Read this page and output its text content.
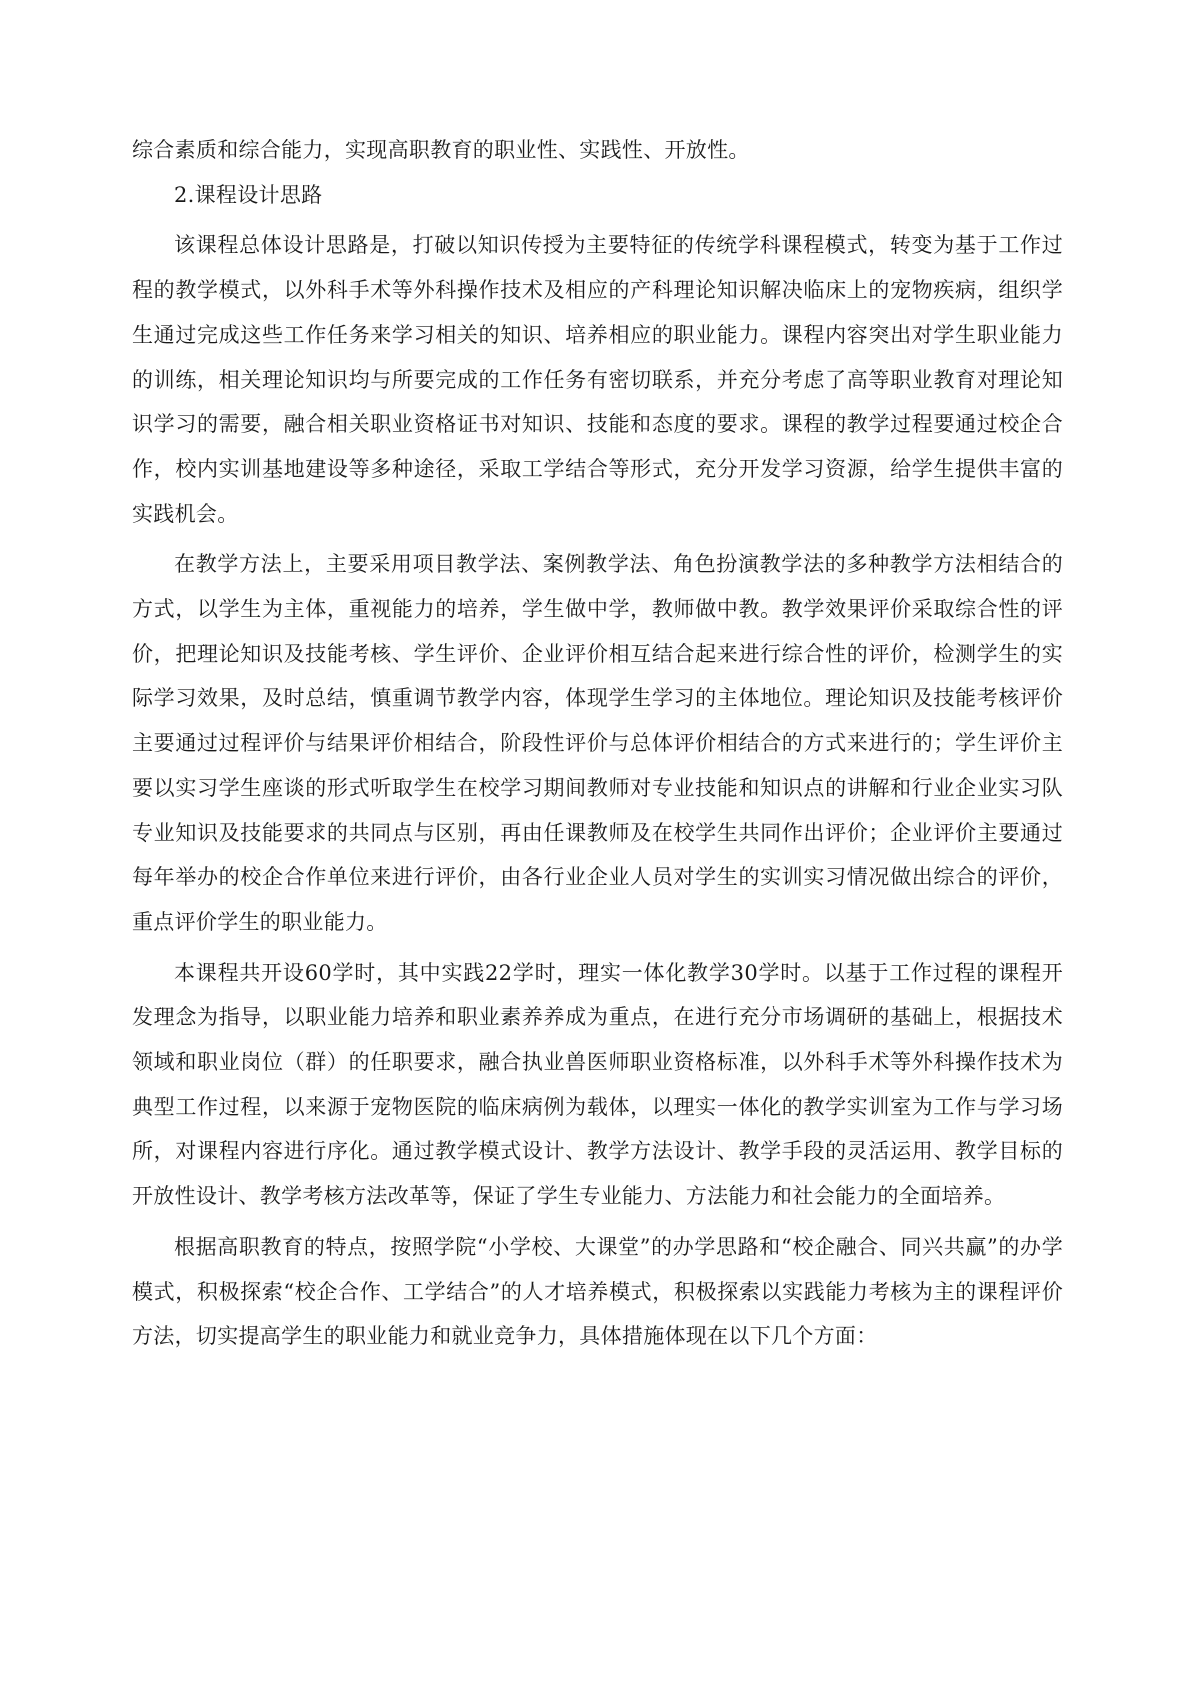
综合素质和综合能力，实现高职教育的职业性、实践性、开放性。

2.课程设计思路

该课程总体设计思路是，打破以知识传授为主要特征的传统学科课程模式，转变为基于工作过程的教学模式，以外科手术等外科操作技术及相应的产科理论知识解决临床上的宠物疾病，组织学生通过完成这些工作任务来学习相关的知识、培养相应的职业能力。课程内容突出对学生职业能力的训练，相关理论知识均与所要完成的工作任务有密切联系，并充分考虑了高等职业教育对理论知识学习的需要，融合相关职业资格证书对知识、技能和态度的要求。课程的教学过程要通过校企合作，校内实训基地建设等多种途径，采取工学结合等形式，充分开发学习资源，给学生提供丰富的实践机会。

在教学方法上，主要采用项目教学法、案例教学法、角色扮演教学法的多种教学方法相结合的方式，以学生为主体，重视能力的培养，学生做中学，教师做中教。教学效果评价采取综合性的评价，把理论知识及技能考核、学生评价、企业评价相互结合起来进行综合性的评价，检测学生的实际学习效果，及时总结，慎重调节教学内容，体现学生学习的主体地位。理论知识及技能考核评价主要通过过程评价与结果评价相结合，阶段性评价与总体评价相结合的方式来进行的；学生评价主要以实习学生座谈的形式听取学生在校学习期间教师对专业技能和知识点的讲解和行业企业实习队专业知识及技能要求的共同点与区别，再由任课教师及在校学生共同作出评价；企业评价主要通过每年举办的校企合作单位来进行评价，由各行业企业人员对学生的实训实习情况做出综合的评价，重点评价学生的职业能力。

本课程共开设60学时，其中实践22学时，理实一体化教学30学时。以基于工作过程的课程开发理念为指导，以职业能力培养和职业素养养成为重点，在进行充分市场调研的基础上，根据技术领域和职业岗位（群）的任职要求，融合执业兽医师职业资格标准，以外科手术等外科操作技术为典型工作过程，以来源于宠物医院的临床病例为载体，以理实一体化的教学实训室为工作与学习场所，对课程内容进行序化。通过教学模式设计、教学方法设计、教学手段的灵活运用、教学目标的开放性设计、教学考核方法改革等，保证了学生专业能力、方法能力和社会能力的全面培养。

根据高职教育的特点，按照学院“小学校、大课堂”的办学思路和“校企融合、同兴共赢”的办学模式，积极探索“校企合作、工学结合”的人才培养模式，积极探索以实践能力考核为主的课程评价方法，切实提高学生的职业能力和就业竞争力，具体措施体现在以下几个方面：
